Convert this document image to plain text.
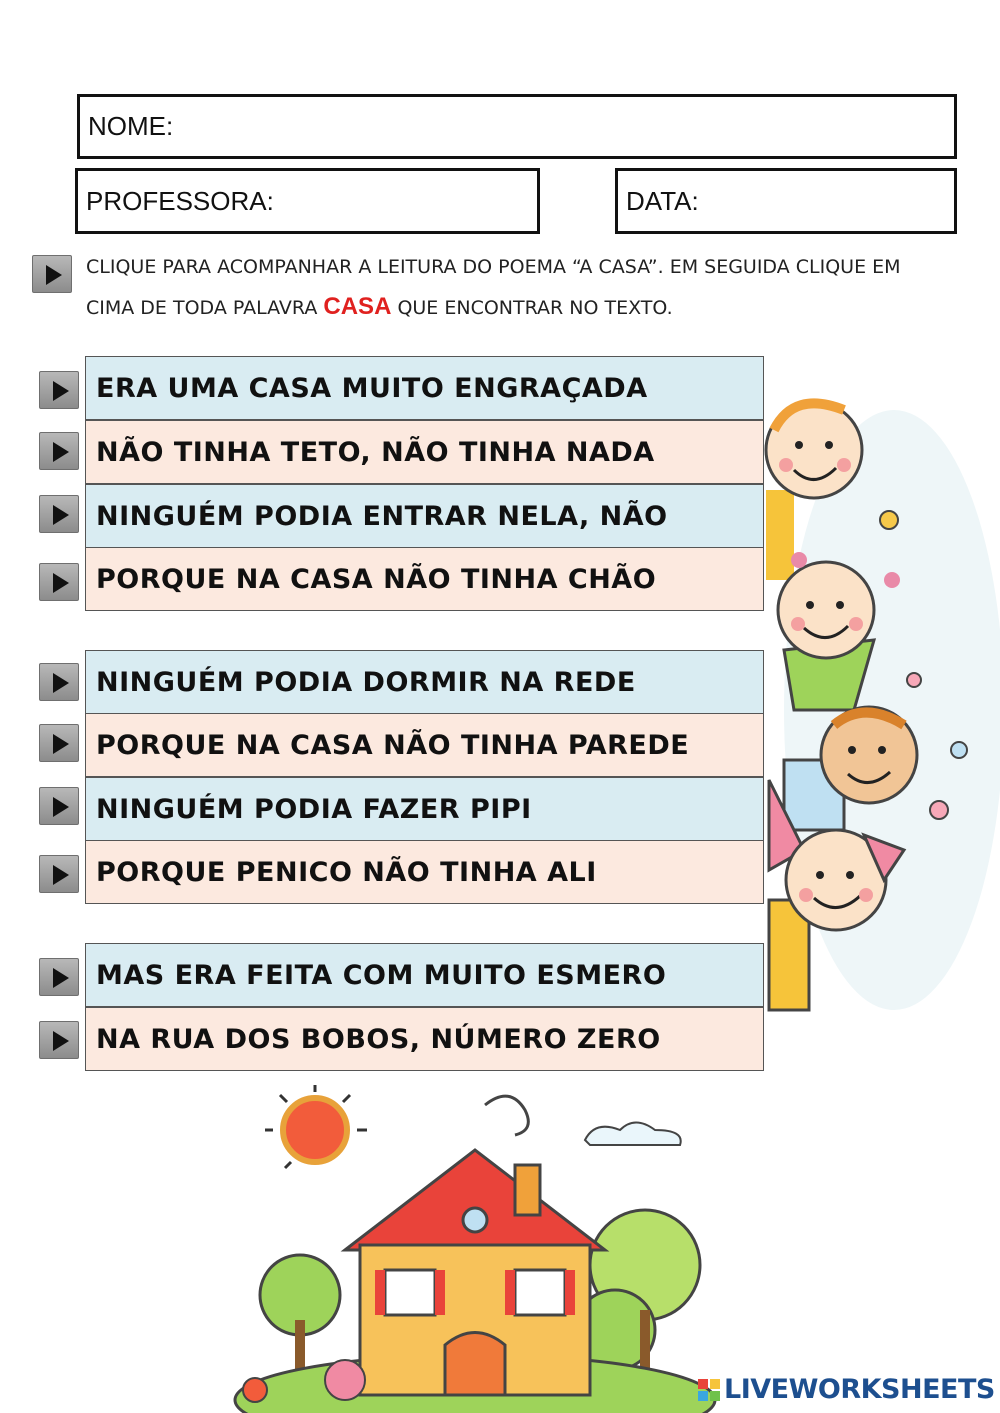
NOME:
PROFESSORA:	DATA:
CLIQUE PARA ACOMPANHAR A LEITURA DO POEMA “A CASA”. EM SEGUIDA CLIQUE EM CIMA DE TODA PALAVRA CASA QUE ENCONTRAR NO TEXTO.
ERA UMA CASA MUITO ENGRAÇADA
NÃO TINHA TETO, NÃO TINHA NADA
NINGUÉM PODIA ENTRAR NELA, NÃO
PORQUE NA CASA NÃO TINHA CHÃO
NINGUÉM PODIA DORMIR NA REDE
PORQUE NA CASA NÃO TINHA PAREDE
NINGUÉM PODIA FAZER PIPI
PORQUE PENICO NÃO TINHA ALI
MAS ERA FEITA COM MUITO ESMERO
NA RUA DOS BOBOS, NÚMERO ZERO
LIVEWORKSHEETS
